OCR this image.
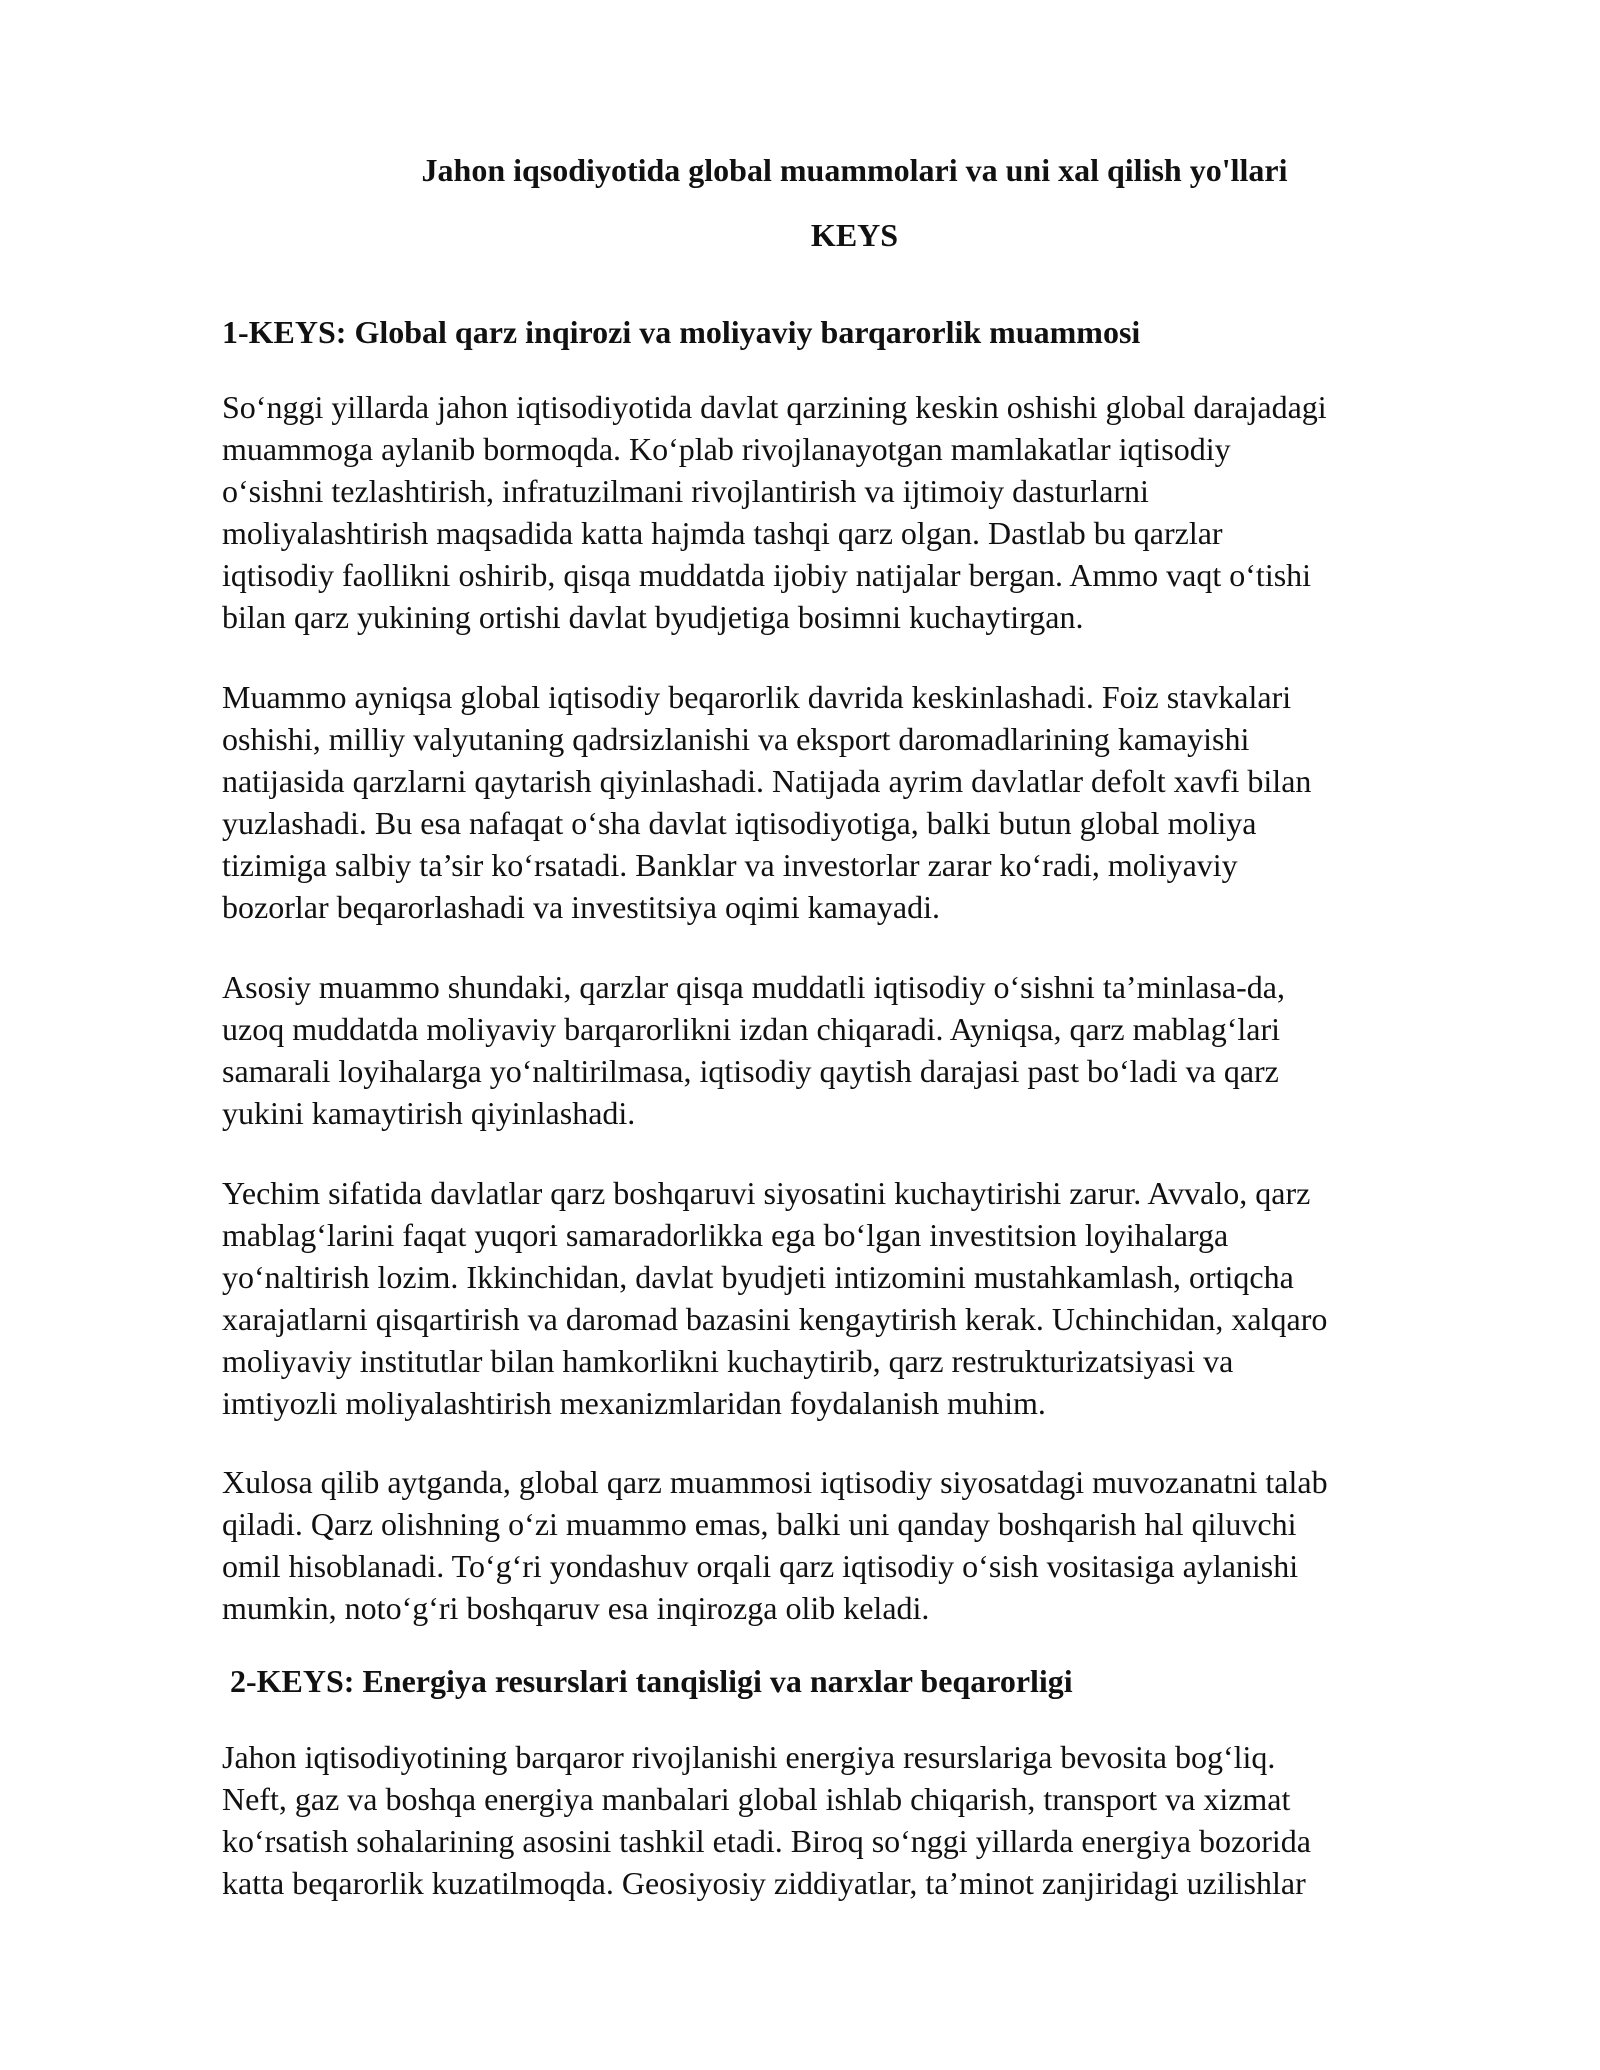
Jahon iqsodiyotida global muammolari va uni xal qilish yo'llari
KEYS
1-KEYS: Global qarz inqirozi va moliyaviy barqarorlik muammosi

So‘nggi yillarda jahon iqtisodiyotida davlat qarzining keskin oshishi global darajadagi
muammoga aylanib bormoqda. Ko‘plab rivojlanayotgan mamlakatlar iqtisodiy
o‘sishni tezlashtirish, infratuzilmani rivojlantirish va ijtimoiy dasturlarni
moliyalashtirish maqsadida katta hajmda tashqi qarz olgan. Dastlab bu qarzlar
iqtisodiy faollikni oshirib, qisqa muddatda ijobiy natijalar bergan. Ammo vaqt o‘tishi
bilan qarz yukining ortishi davlat byudjetiga bosimni kuchaytirgan.

Muammo ayniqsa global iqtisodiy beqarorlik davrida keskinlashadi. Foiz stavkalari
oshishi, milliy valyutaning qadrsizlanishi va eksport daromadlarining kamayishi
natijasida qarzlarni qaytarish qiyinlashadi. Natijada ayrim davlatlar defolt xavfi bilan
yuzlashadi. Bu esa nafaqat o‘sha davlat iqtisodiyotiga, balki butun global moliya
tizimiga salbiy ta’sir ko‘rsatadi. Banklar va investorlar zarar ko‘radi, moliyaviy
bozorlar beqarorlashadi va investitsiya oqimi kamayadi.

Asosiy muammo shundaki, qarzlar qisqa muddatli iqtisodiy o‘sishni ta’minlasa-da,
uzoq muddatda moliyaviy barqarorlikni izdan chiqaradi. Ayniqsa, qarz mablag‘lari
samarali loyihalarga yo‘naltirilmasa, iqtisodiy qaytish darajasi past bo‘ladi va qarz
yukini kamaytirish qiyinlashadi.

Yechim sifatida davlatlar qarz boshqaruvi siyosatini kuchaytirishi zarur. Avvalo, qarz
mablag‘larini faqat yuqori samaradorlikka ega bo‘lgan investitsion loyihalarga
yo‘naltirish lozim. Ikkinchidan, davlat byudjeti intizomini mustahkamlash, ortiqcha
xarajatlarni qisqartirish va daromad bazasini kengaytirish kerak. Uchinchidan, xalqaro
moliyaviy institutlar bilan hamkorlikni kuchaytirib, qarz restrukturizatsiyasi va
imtiyozli moliyalashtirish mexanizmlaridan foydalanish muhim.

Xulosa qilib aytganda, global qarz muammosi iqtisodiy siyosatdagi muvozanatni talab
qiladi. Qarz olishning o‘zi muammo emas, balki uni qanday boshqarish hal qiluvchi
omil hisoblanadi. To‘g‘ri yondashuv orqali qarz iqtisodiy o‘sish vositasiga aylanishi
mumkin, noto‘g‘ri boshqaruv esa inqirozga olib keladi.

2-KEYS: Energiya resurslari tanqisligi va narxlar beqarorligi

Jahon iqtisodiyotining barqaror rivojlanishi energiya resurslariga bevosita bog‘liq.
Neft, gaz va boshqa energiya manbalari global ishlab chiqarish, transport va xizmat
ko‘rsatish sohalarining asosini tashkil etadi. Biroq so‘nggi yillarda energiya bozorida
katta beqarorlik kuzatilmoqda. Geosiyosiy ziddiyatlar, ta’minot zanjiridagi uzilishlar
